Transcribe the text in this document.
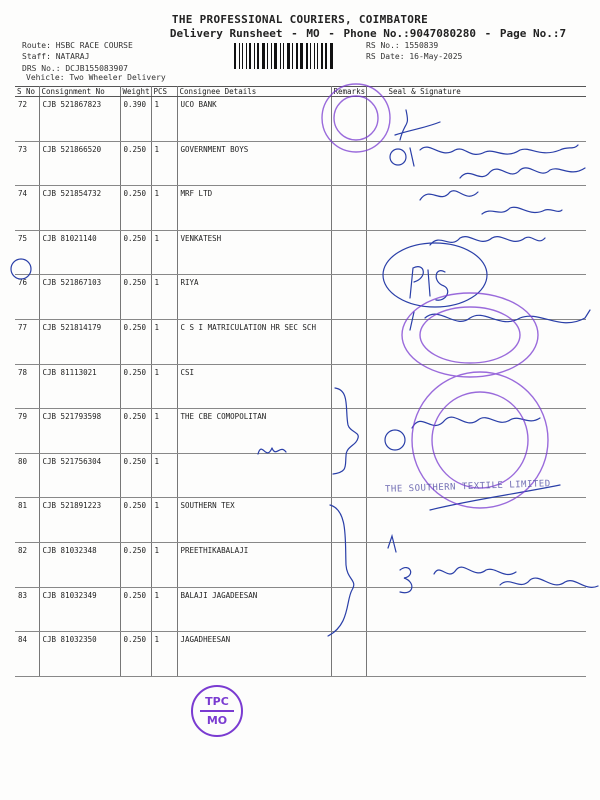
THE PROFESSIONAL COURIERS, COIMBATORE
Delivery Runsheet - MO - Phone No.:9047080280 - Page No.:7
Route: HSBC RACE COURSE
Staff: NATARAJ
DRS No.: DCJB155083907
Vehicle: Two Wheeler Delivery
RS No.: 1550839
RS Date: 16-May-2025
S No	Consignment No	Weight	PCS	Consignee Details	Remarks	Seal & Signature
72	CJB 521867823	0.390	1	UCO BANK		
73	CJB 521866520	0.250	1	GOVERNMENT BOYS		
74	CJB 521854732	0.250	1	MRF LTD		
75	CJB 81021140	0.250	1	VENKATESH		
76	CJB 521867103	0.250	1	RIYA		
77	CJB 521814179	0.250	1	C S I MATRICULATION HR SEC SCH		
78	CJB 81113021	0.250	1	CSI		
79	CJB 521793598	0.250	1	THE CBE COMOPOLITAN		
80	CJB 521756304	0.250	1			
81	CJB 521891223	0.250	1	SOUTHERN TEX		
82	CJB 81032348	0.250	1	PREETHIKABALAJI		
83	CJB 81032349	0.250	1	BALAJI JAGADEESAN		
84	CJB 81032350	0.250	1	JAGADHEESAN		
THE SOUTHERN TEXTILE LIMITED
TPC
MO
